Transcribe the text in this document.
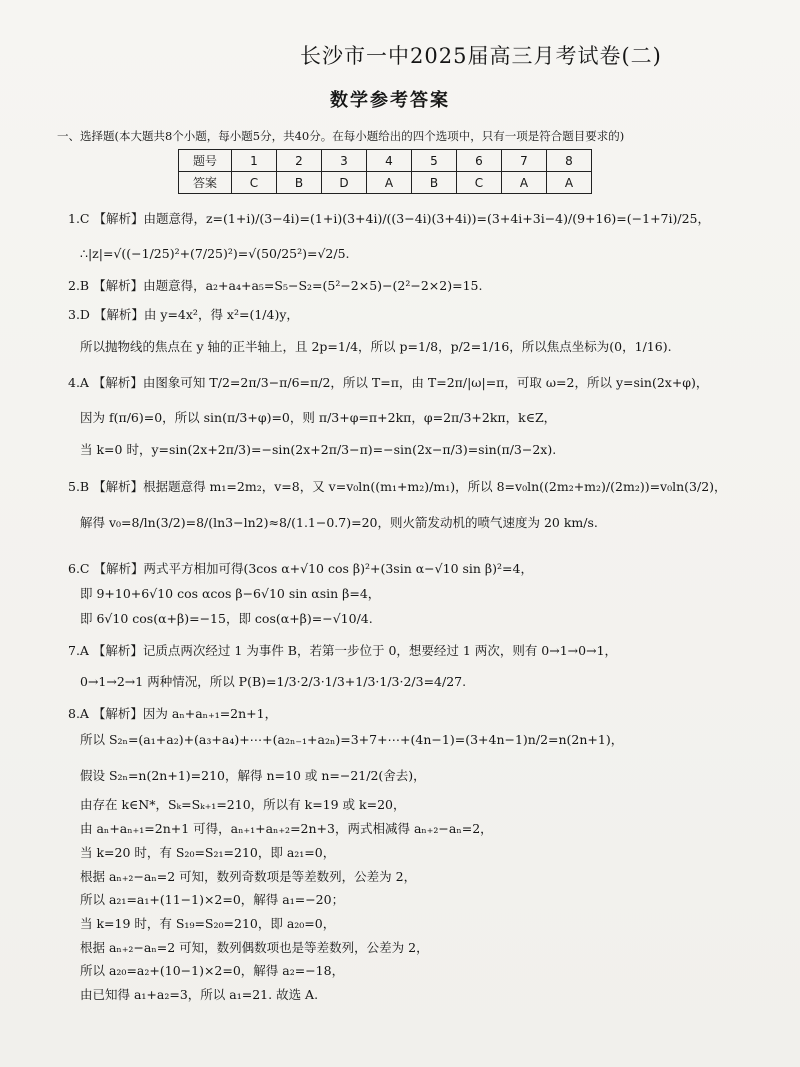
长沙市一中2025届高三月考试卷(二)
数学参考答案
一、选择题(本大题共8个小题，每小题5分，共40分。在每小题给出的四个选项中，只有一项是符合题目要求的)
题号	1	2	3	4	5	6	7	8
答案	C	B	D	A	B	C	A	A
1.C 【解析】由题意得，z=(1+i)/(3−4i)=(1+i)(3+4i)/((3−4i)(3+4i))=(3+4i+3i−4)/(9+16)=(−1+7i)/25，
∴|z|=√((−1/25)²+(7/25)²)=√(50/25²)=√2/5.
2.B 【解析】由题意得，a₂+a₄+a₅=S₅−S₂=(5²−2×5)−(2²−2×2)=15.
3.D 【解析】由 y=4x²，得 x²=(1/4)y，
所以抛物线的焦点在 y 轴的正半轴上，且 2p=1/4，所以 p=1/8，p/2=1/16，所以焦点坐标为(0，1/16).
4.A 【解析】由图象可知 T/2=2π/3−π/6=π/2，所以 T=π，由 T=2π/|ω|=π，可取 ω=2，所以 y=sin(2x+φ)，
因为 f(π/6)=0，所以 sin(π/3+φ)=0，则 π/3+φ=π+2kπ，φ=2π/3+2kπ，k∈Z，
当 k=0 时，y=sin(2x+2π/3)=−sin(2x+2π/3−π)=−sin(2x−π/3)=sin(π/3−2x).
5.B 【解析】根据题意得 m₁=2m₂，v=8，又 v=v₀ln((m₁+m₂)/m₁)，所以 8=v₀ln((2m₂+m₂)/(2m₂))=v₀ln(3/2)，
解得 v₀=8/ln(3/2)=8/(ln3−ln2)≈8/(1.1−0.7)=20，则火箭发动机的喷气速度为 20 km/s.
6.C 【解析】两式平方相加可得(3cos α+√10 cos β)²+(3sin α−√10 sin β)²=4，
即 9+10+6√10 cos αcos β−6√10 sin αsin β=4，
即 6√10 cos(α+β)=−15，即 cos(α+β)=−√10/4.
7.A 【解析】记质点两次经过 1 为事件 B，若第一步位于 0，想要经过 1 两次，则有 0→1→0→1，
0→1→2→1 两种情况，所以 P(B)=1/3·2/3·1/3+1/3·1/3·2/3=4/27.
8.A 【解析】因为 aₙ+aₙ₊₁=2n+1，
所以 S₂ₙ=(a₁+a₂)+(a₃+a₄)+⋯+(a₂ₙ₋₁+a₂ₙ)=3+7+⋯+(4n−1)=(3+4n−1)n/2=n(2n+1)，
假设 S₂ₙ=n(2n+1)=210，解得 n=10 或 n=−21/2(舍去)，
由存在 k∈N*，Sₖ=Sₖ₊₁=210，所以有 k=19 或 k=20，
由 aₙ+aₙ₊₁=2n+1 可得，aₙ₊₁+aₙ₊₂=2n+3，两式相减得 aₙ₊₂−aₙ=2，
当 k=20 时，有 S₂₀=S₂₁=210，即 a₂₁=0，
根据 aₙ₊₂−aₙ=2 可知，数列奇数项是等差数列，公差为 2，
所以 a₂₁=a₁+(11−1)×2=0，解得 a₁=−20；
当 k=19 时，有 S₁₉=S₂₀=210，即 a₂₀=0，
根据 aₙ₊₂−aₙ=2 可知，数列偶数项也是等差数列，公差为 2，
所以 a₂₀=a₂+(10−1)×2=0，解得 a₂=−18，
由已知得 a₁+a₂=3，所以 a₁=21. 故选 A.
